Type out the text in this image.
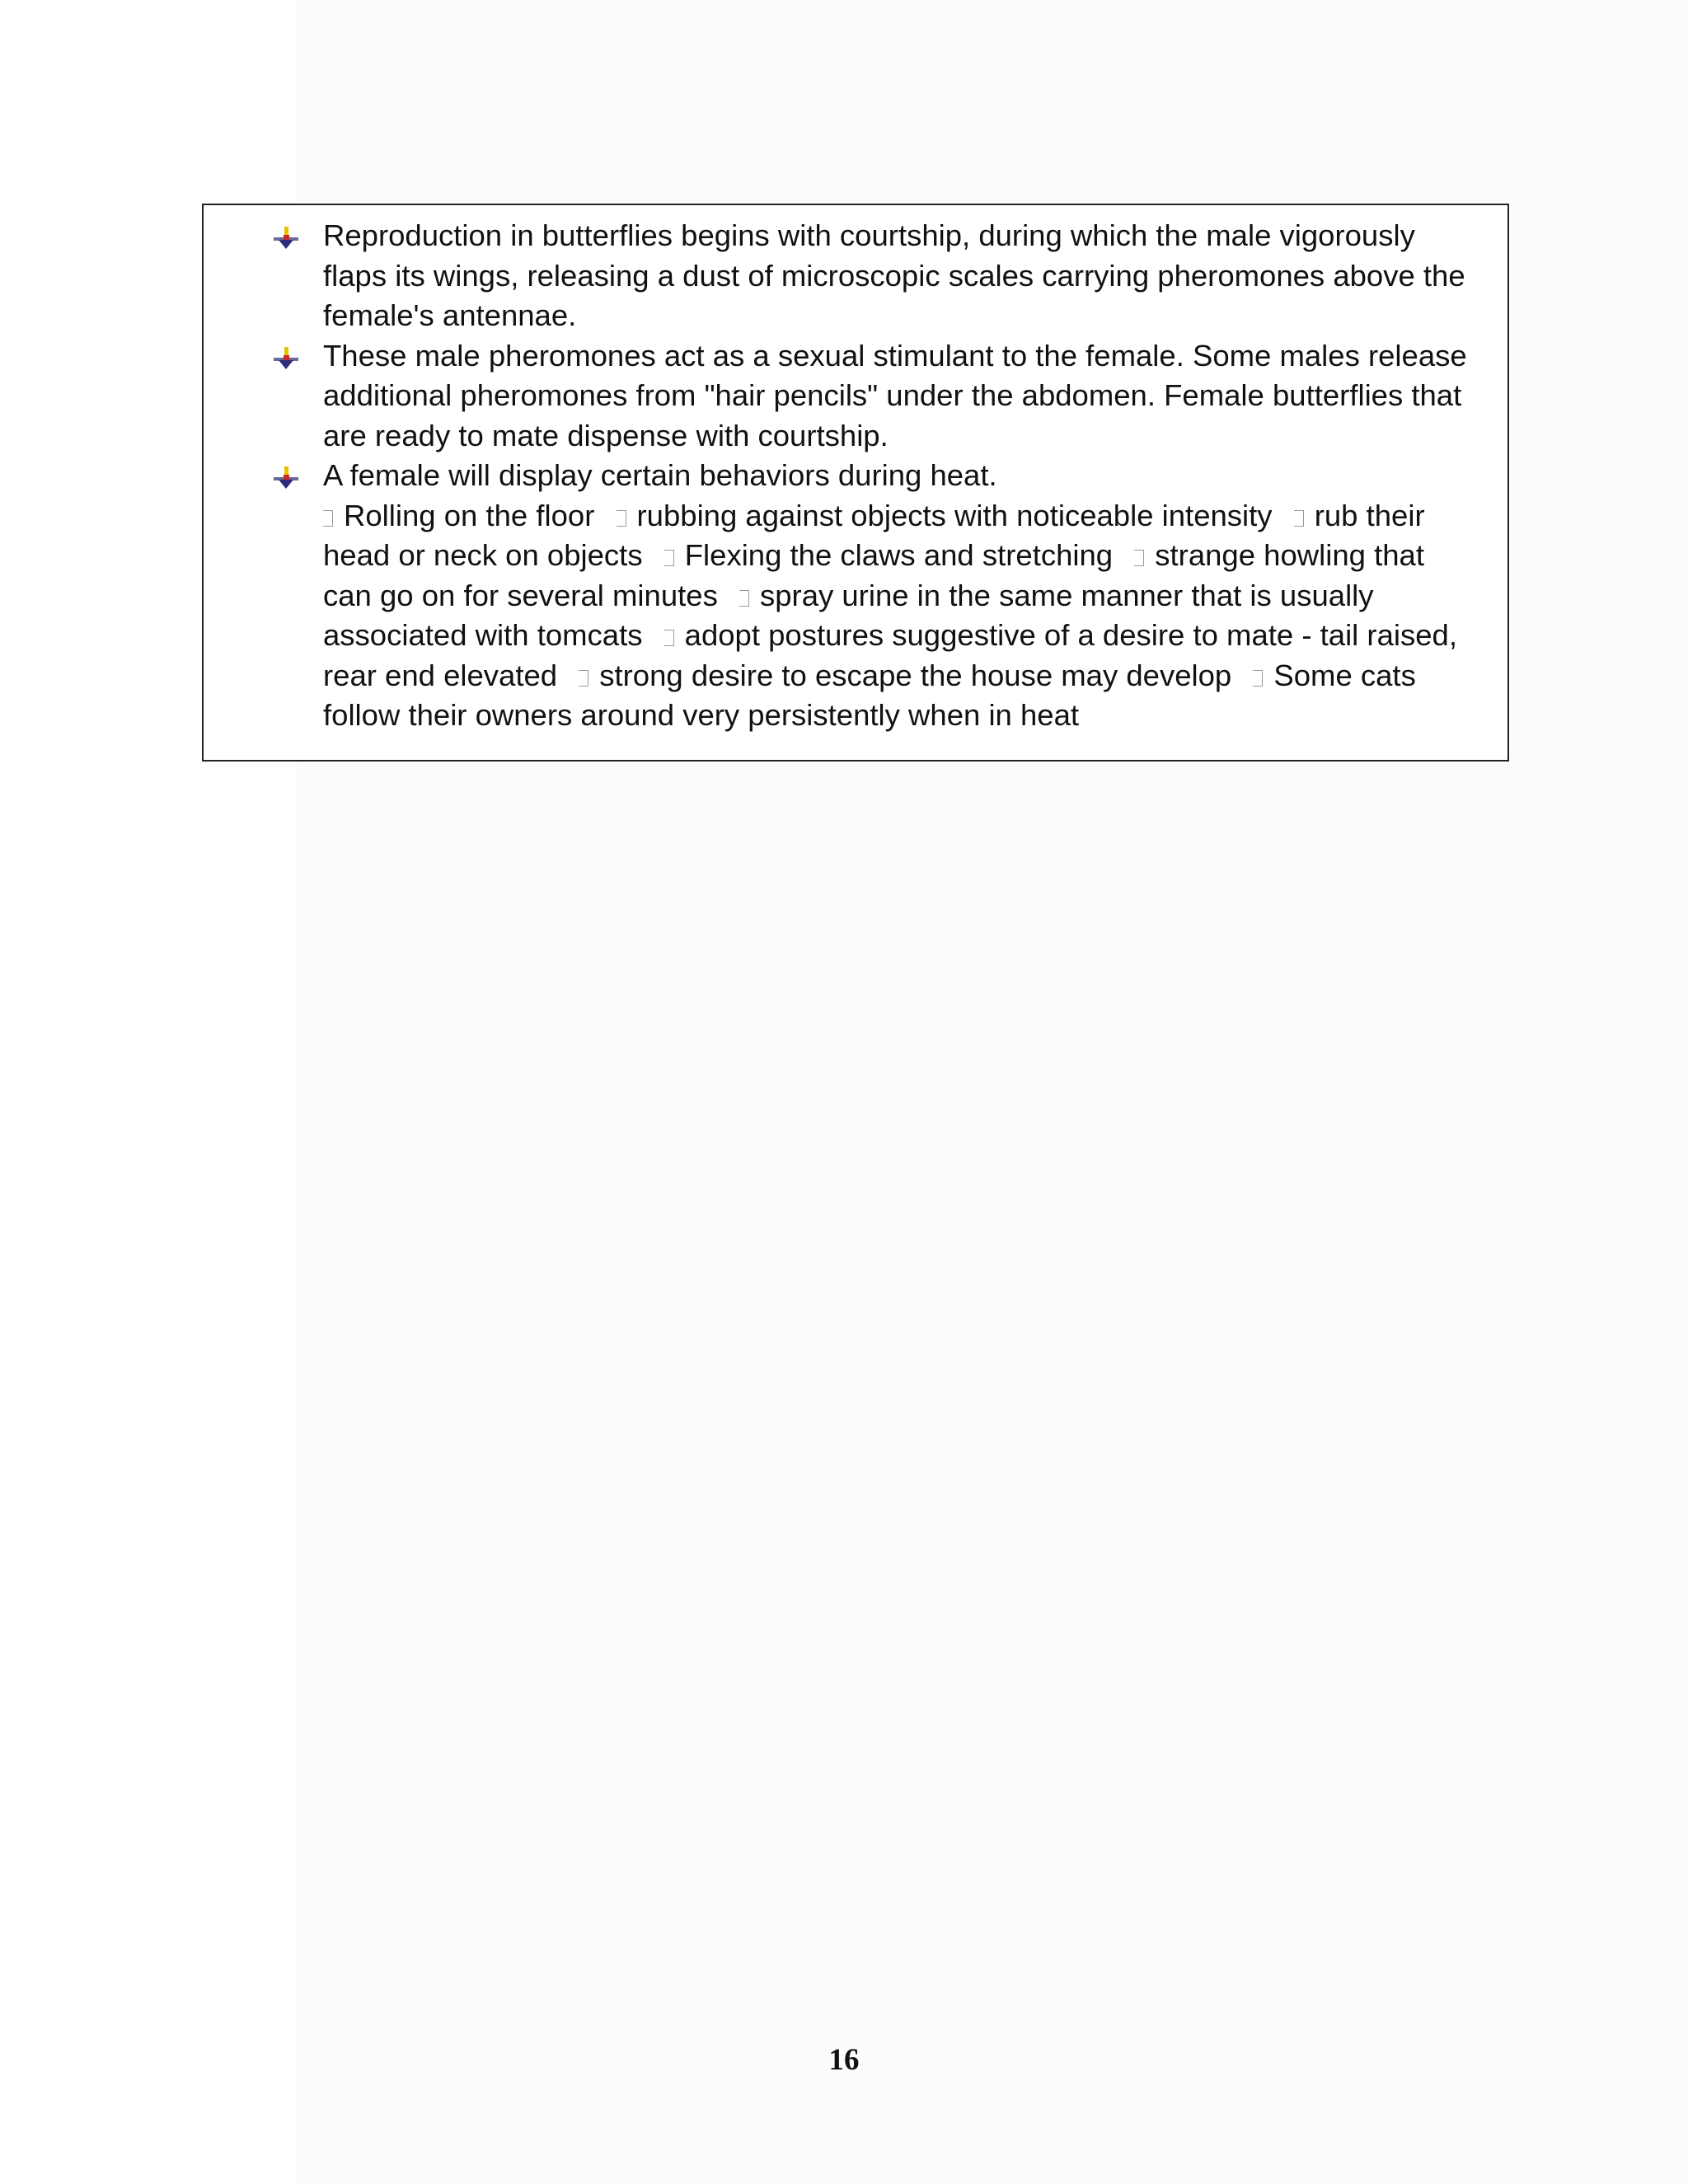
Reproduction in butterflies begins with courtship, during which the male vigorously flaps its wings, releasing a dust of microscopic scales carrying pheromones above the female's antennae.
These male pheromones act as a sexual stimulant to the female. Some males release additional pheromones from "hair pencils" under the abdomen. Female butterflies that are ready to mate dispense with courtship.
A female will display certain behaviors during heat.
Rolling on the floor rubbing against objects with noticeable intensity rub their head or neck on objects Flexing the claws and stretching strange howling that can go on for several minutes spray urine in the same manner that is usually associated with tomcats adopt postures suggestive of a desire to mate - tail raised, rear end elevated strong desire to escape the house may develop Some cats follow their owners around very persistently when in heat
16
